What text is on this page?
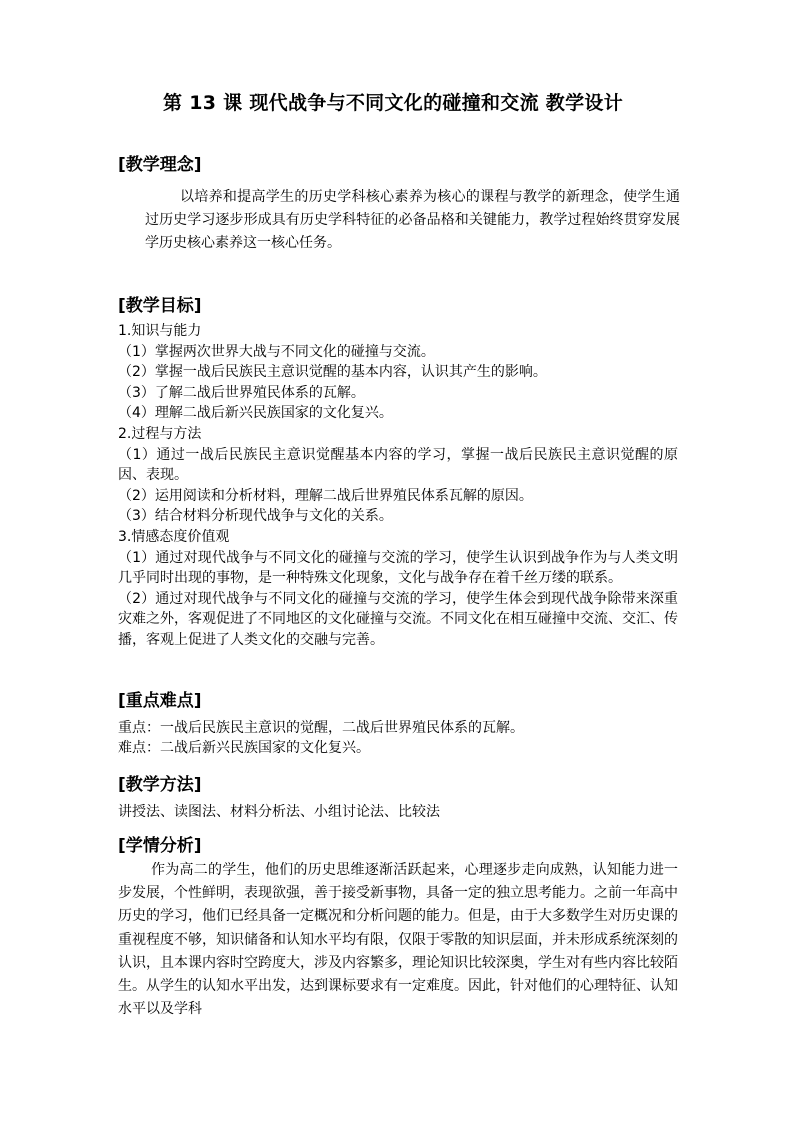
第 13 课 现代战争与不同文化的碰撞和交流 教学设计
[教学理念]
以培养和提高学生的历史学科核心素养为核心的课程与教学的新理念，使学生通过历史学习逐步形成具有历史学科特征的必备品格和关键能力，教学过程始终贯穿发展学历史核心素养这一核心任务。
[教学目标]
1.知识与能力
（1）掌握两次世界大战与不同文化的碰撞与交流。
（2）掌握一战后民族民主意识觉醒的基本内容，认识其产生的影响。
（3）了解二战后世界殖民体系的瓦解。
（4）理解二战后新兴民族国家的文化复兴。
2.过程与方法
（1）通过一战后民族民主意识觉醒基本内容的学习，掌握一战后民族民主意识觉醒的原因、表现。
（2）运用阅读和分析材料，理解二战后世界殖民体系瓦解的原因。
（3）结合材料分析现代战争与文化的关系。
3.情感态度价值观
（1）通过对现代战争与不同文化的碰撞与交流的学习，使学生认识到战争作为与人类文明几乎同时出现的事物，是一种特殊文化现象，文化与战争存在着千丝万缕的联系。
（2）通过对现代战争与不同文化的碰撞与交流的学习，使学生体会到现代战争除带来深重灾难之外，客观促进了不同地区的文化碰撞与交流。不同文化在相互碰撞中交流、交汇、传播，客观上促进了人类文化的交融与完善。
[重点难点]
重点：一战后民族民主意识的觉醒，二战后世界殖民体系的瓦解。
难点：二战后新兴民族国家的文化复兴。
[教学方法]
讲授法、读图法、材料分析法、小组讨论法、比较法
[学情分析]
作为高二的学生，他们的历史思维逐渐活跃起来，心理逐步走向成熟，认知能力进一步发展，个性鲜明，表现欲强，善于接受新事物，具备一定的独立思考能力。之前一年高中历史的学习，他们已经具备一定概况和分析问题的能力。但是，由于大多数学生对历史课的重视程度不够，知识储备和认知水平均有限，仅限于零散的知识层面，并未形成系统深刻的认识，且本课内容时空跨度大，涉及内容繁多，理论知识比较深奥，学生对有些内容比较陌生。从学生的认知水平出发，达到课标要求有一定难度。因此，针对他们的心理特征、认知水平以及学科
